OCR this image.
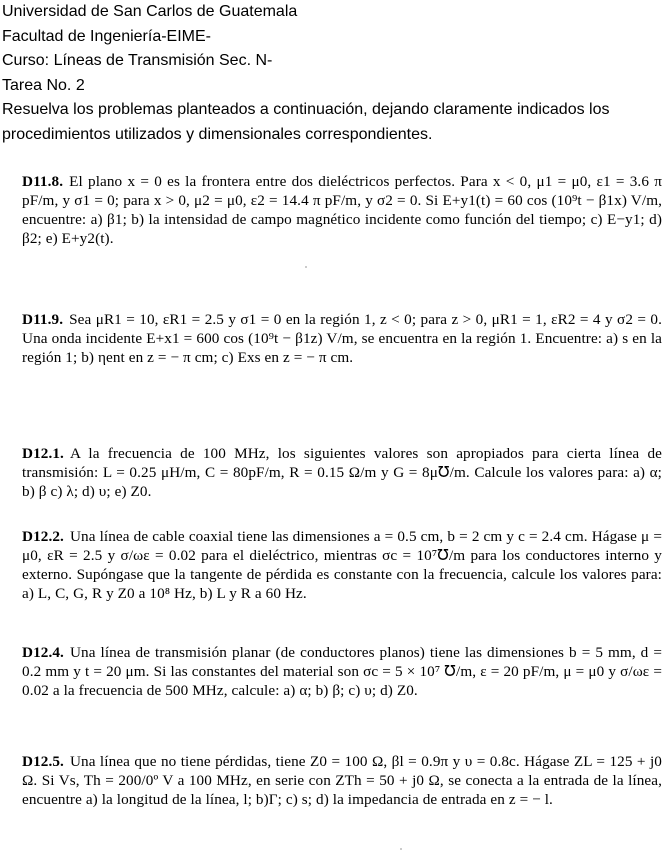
Universidad de San Carlos de Guatemala
Facultad de Ingeniería-EIME-
Curso: Líneas de Transmisión Sec. N-
Tarea No. 2
Resuelva los problemas planteados a continuación, dejando claramente indicados los procedimientos utilizados y dimensionales correspondientes.
D11.8. El plano x = 0 es la frontera entre dos dieléctricos perfectos. Para x < 0, μ1 = μ0, ε1 = 3.6 π pF/m, y σ1 = 0; para x > 0, μ2 = μ0, ε2 = 14.4 π pF/m, y σ2 = 0. Si E+y1(t) = 60 cos (10⁹t − β1x) V/m, encuentre: a) β1; b) la intensidad de campo magnético incidente como función del tiempo; c) E−y1; d) β2; e) E+y2(t).
D11.9. Sea μR1 = 10, εR1 = 2.5 y σ1 = 0 en la región 1, z < 0; para z > 0, μR1 = 1, εR2 = 4 y σ2 = 0. Una onda incidente E+x1 = 600 cos (10⁹t − β1z) V/m, se encuentra en la región 1. Encuentre: a) s en la región 1; b) ηent en z = − π cm; c) Exs en z = − π cm.
D12.1. A la frecuencia de 100 MHz, los siguientes valores son apropiados para cierta línea de transmisión: L = 0.25 μH/m, C = 80pF/m, R = 0.15 Ω/m y G = 8μ℧/m. Calcule los valores para: a) α; b) β c) λ; d) υ; e) Z0.
D12.2. Una línea de cable coaxial tiene las dimensiones a = 0.5 cm, b = 2 cm y c = 2.4 cm. Hágase μ = μ0, εR = 2.5 y σ/ωε = 0.02 para el dieléctrico, mientras σc = 10⁷℧/m para los conductores interno y externo. Supóngase que la tangente de pérdida es constante con la frecuencia, calcule los valores para: a) L, C, G, R y Z0 a 10⁸ Hz, b) L y R a 60 Hz.
D12.4. Una línea de transmisión planar (de conductores planos) tiene las dimensiones b = 5 mm, d = 0.2 mm y t = 20 μm. Si las constantes del material son σc = 5 × 10⁷ ℧/m, ε = 20 pF/m, μ = μ0 y σ/ωε = 0.02 a la frecuencia de 500 MHz, calcule: a) α; b) β; c) υ; d) Z0.
D12.5. Una línea que no tiene pérdidas, tiene Z0 = 100 Ω, βl = 0.9π y υ = 0.8c. Hágase ZL = 125 + j0 Ω. Si Vs, Th = 200/0º V a 100 MHz, en serie con ZTh = 50 + j0 Ω, se conecta a la entrada de la línea, encuentre a) la longitud de la línea, l; b)Γ; c) s; d) la impedancia de entrada en z = − l.
